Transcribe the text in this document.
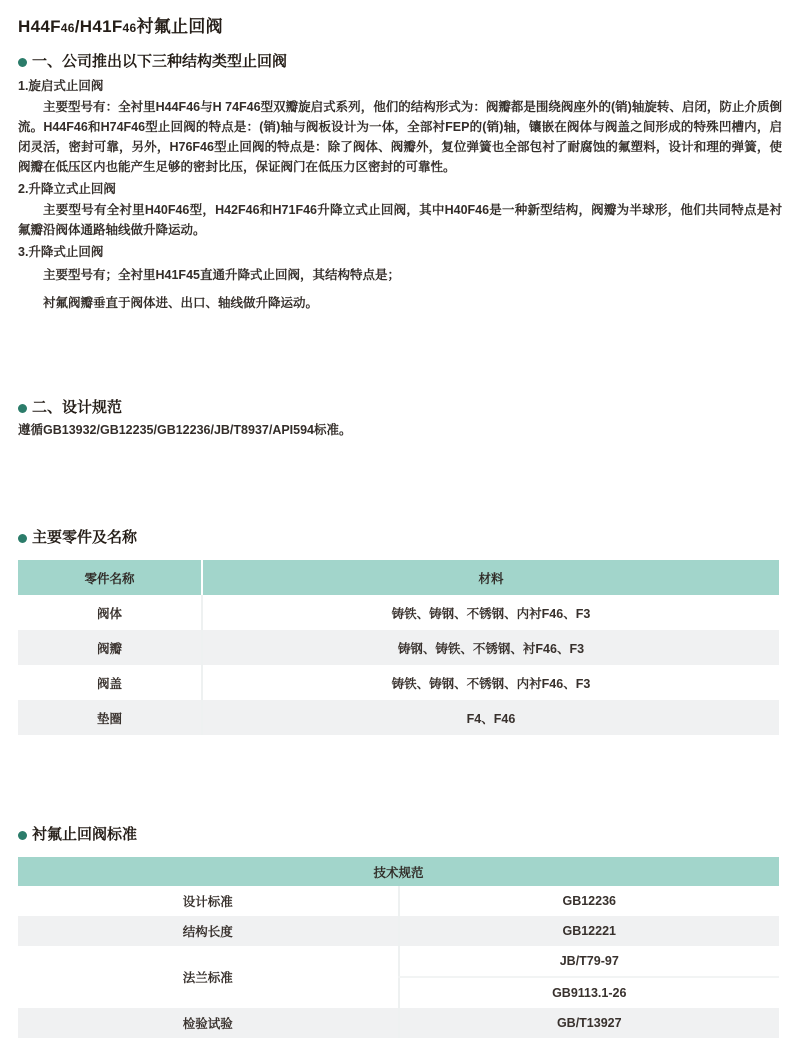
H44F46/H41F46衬氟止回阀
一、公司推出以下三种结构类型止回阀
1.旋启式止回阀
主要型号有：全衬里H44F46与H 74F46型双瓣旋启式系列，他们的结构形式为：阀瓣都是围绕阀座外的(销)轴旋转、启闭，防止介质倒流。H44F46和H74F46型止回阀的特点是：(销)轴与阀板设计为一体，全部衬FEP的(销)轴，镶嵌在阀体与阀盖之间形成的特殊凹槽内，启闭灵活，密封可靠，另外，H76F46型止回阀的特点是：除了阀体、阀瓣外，复位弹簧也全部包衬了耐腐蚀的氟塑料，设计和理的弹簧，使阀瓣在低压区内也能产生足够的密封比压，保证阀门在低压力区密封的可靠性。
2.升降立式止回阀
主要型号有全衬里H40F46型，H42F46和H71F46升降立式止回阀，其中H40F46是一种新型结构，阀瓣为半球形，他们共同特点是衬氟瓣沿阀体通路轴线做升降运动。
3.升降式止回阀
主要型号有；全衬里H41F45直通升降式止回阀，其结构特点是；
衬氟阀瓣垂直于阀体进、出口、轴线做升降运动。
二、设计规范
遵循GB13932/GB12235/GB12236/JB/T8937/API594标准。
主要零件及名称
零件名称	材料
阀体	铸铁、铸钢、不锈钢、内衬F46、F3
阀瓣	铸钢、铸铁、不锈钢、衬F46、F3
阀盖	铸铁、铸钢、不锈钢、内衬F46、F3
垫圈	F4、F46
衬氟止回阀标准
技术规范	
设计标准	GB12236
结构长度	GB12221
法兰标准	JB/T79-97
	GB9113.1-26
检验试验	GB/T13927
